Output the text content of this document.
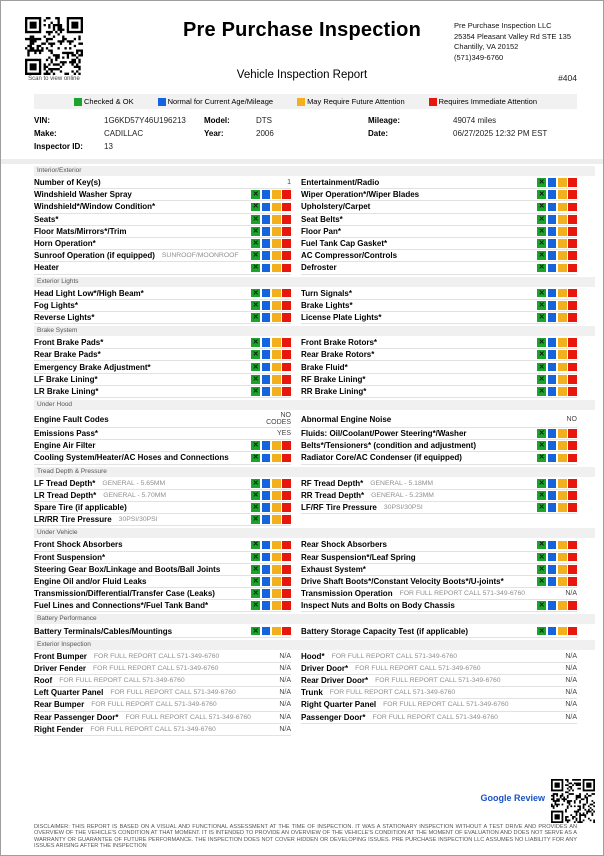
Scan to view online
Pre Purchase Inspection
Vehicle Inspection Report
Pre Purchase Inspection LLC
25354 Pleasant Valley Rd STE 135
Chantilly, VA 20152
(571)349-6760
#404
Checked & OK	Normal for Current Age/Mileage	May Require Future Attention	Requires Immediate Attention
VIN:	1G6KD57Y46U196213	Model:	DTS	Mileage:	49074 miles
Make:	CADILLAC	Year:	2006	Date:	06/27/2025 12:32 PM EST
Inspector ID:	13
Interior/Exterior
Number of Key(s)	1 Entertainment/Radio	✕
Windshield Washer Spray	✕	Wiper Operation*/Wiper Blades	✕
Windshield*/Window Condition*	✕	Upholstery/Carpet	✕
Seats*	✕	Seat Belts*	✕
Floor Mats/Mirrors*/Trim	✕	Floor Pan*	✕
Horn Operation*	✕	Fuel Tank Cap Gasket*	✕
Sunroof Operation (if equipped) SUNROOF/MOONROOF ✕	AC Compressor/Controls	✕
Heater	✕	Defroster	✕
Exterior Lights
Head Light Low*/High Beam*	✕	Turn Signals*	✕
Fog Lights*	✕	Brake Lights*	✕
Reverse Lights*	✕	License Plate Lights*	✕
Brake System
Front Brake Pads*	✕	Front Brake Rotors*	✕
Rear Brake Pads*	✕	Rear Brake Rotors*	✕
Emergency Brake Adjustment*	✕	Brake Fluid*	✕
LF Brake Lining*	✕	RF Brake Lining*	✕
LR Brake Lining*	✕	RR Brake Lining*	✕
Under Hood
Engine Fault Codes	NO CODES Abnormal Engine Noise	NO
Emissions Pass*	YES Fluids: Oil/Coolant/Power Steering*/Washer	✕
Engine Air Filter	✕	Belts*/Tensioners* (condition and adjustment)	✕
Cooling System/Heater/AC Hoses and Connections	✕	Radiator Core/AC Condenser (if equipped)	✕
Tread Depth & Pressure
LF Tread Depth* GENERAL - 5.65MM	✕	RF Tread Depth* GENERAL - 5.18MM	✕
LR Tread Depth* GENERAL - 5.70MM	✕	RR Tread Depth* GENERAL - 5.23MM	✕
Spare Tire (if applicable)	✕	LF/RF Tire Pressure 30PSI/30PSI	✕
LR/RR Tire Pressure 30PSI/30PSI	✕
Under Vehicle
Front Shock Absorbers	✕	Rear Shock Absorbers	✕
Front Suspension*	✕	Rear Suspension*/Leaf Spring	✕
Steering Gear Box/Linkage and Boots/Ball Joints	✕	Exhaust System*	✕
Engine Oil and/or Fluid Leaks	✕	Drive Shaft Boots*/Constant Velocity Boots*/U-joints*	✕
Transmission/Differential/Transfer Case (Leaks)	✕	Transmission Operation FOR FULL REPORT CALL 571-349-6760	N/A
Fuel Lines and Connections*/Fuel Tank Band*	✕	Inspect Nuts and Bolts on Body Chassis	✕
Battery Performance
Battery Terminals/Cables/Mountings	✕	Battery Storage Capacity Test (if applicable)	✕
Exterior Inspection
Front Bumper FOR FULL REPORT CALL 571-349-6760	N/A Hood* FOR FULL REPORT CALL 571-349-6760	N/A
Driver Fender FOR FULL REPORT CALL 571-349-6760	N/A Driver Door* FOR FULL REPORT CALL 571-349-6760	N/A
Roof FOR FULL REPORT CALL 571-349-6760	N/A Rear Driver Door* FOR FULL REPORT CALL 571-349-6760	N/A
Left Quarter Panel FOR FULL REPORT CALL 571-349-6760	N/A Trunk FOR FULL REPORT CALL 571-349-6760	N/A
Rear Bumper FOR FULL REPORT CALL 571-349-6760	N/A Right Quarter Panel FOR FULL REPORT CALL 571-349-6760	N/A
Rear Passenger Door* FOR FULL REPORT CALL 571-349-6760	N/A Passenger Door* FOR FULL REPORT CALL 571-349-6760	N/A
Right Fender FOR FULL REPORT CALL 571-349-6760	N/A
Google Review
DISCLAIMER: THIS REPORT IS BASED ON A VISUAL AND FUNCTIONAL ASSESSMENT AT THE TIME OF INSPECTION. IT WAS A STATIONARY INSPECTION WITHOUT A TEST DRIVE AND PROVIDES AN OVERVIEW OF THE VEHICLE'S CONDITION AT THAT MOMENT. IT IS INTENDED TO PROVIDE AN OVERVIEW OF THE VEHICLE'S CONDITION AT THE MOMENT OF EVALUATION AND DOES NOT SERVE AS A WARRANTY OR GUARANTEE OF FUTURE PERFORMANCE. THE INSPECTION DOES NOT COVER HIDDEN OR DEVELOPING ISSUES. PRE PURCHASE INSPECTION LLC ASSUMES NO LIABILITY FOR ANY ISSUES ARISING AFTER THE INSPECTION
